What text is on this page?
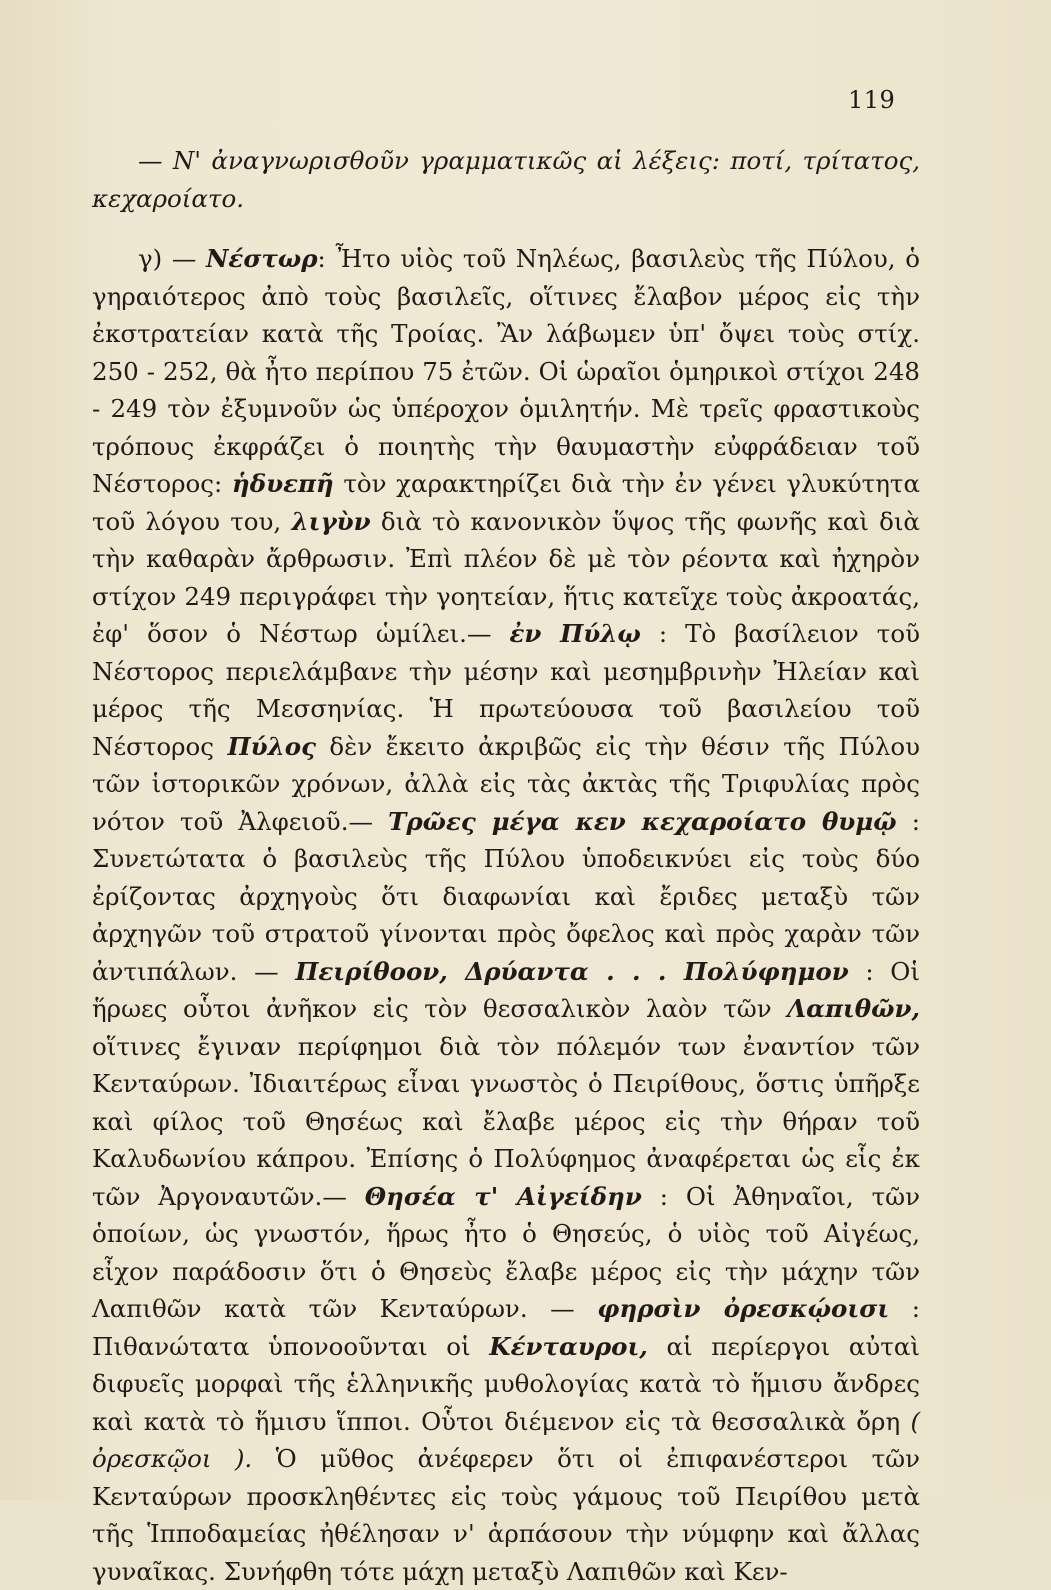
119

— Ν' ἀναγνωρισθοῦν γραμματικῶς αἱ λέξεις: ποτί, τρίτατος, κεχαροίατο.

γ) — Νέστωρ: Ἦτο υἱὸς τοῦ Νηλέως, βασιλεὺς τῆς Πύλου, ὁ γηραιότερος ἀπὸ τοὺς βασιλεῖς, οἵτινες ἔλαβον μέρος εἰς τὴν ἐκστρατείαν κατὰ τῆς Τροίας. Ἂν λάβωμεν ὑπ' ὄψει τοὺς στίχ. 250 - 252, θὰ ἦτο περίπου 75 ἐτῶν. Οἱ ὡραῖοι ὁμηρικοὶ στίχοι 248 - 249 τὸν ἐξυμνοῦν ὡς ὑπέροχον ὁμιλητήν. Μὲ τρεῖς φραστικοὺς τρόπους ἐκφράζει ὁ ποιητὴς τὴν θαυμαστὴν εὐφράδειαν τοῦ Νέστορος: ἡδυεπῆ τὸν χαρακτηρίζει διὰ τὴν ἐν γένει γλυκύτητα τοῦ λόγου του, λιγὺν διὰ τὸ κανονικὸν ὕψος τῆς φωνῆς καὶ διὰ τὴν καθαρὰν ἄρθρωσιν. Ἐπὶ πλέον δὲ μὲ τὸν ρέοντα καὶ ἠχηρὸν στίχον 249 περιγράφει τὴν γοητείαν, ἥτις κατεῖχε τοὺς ἀκροατάς, ἐφ' ὅσον ὁ Νέστωρ ὡμίλει.— ἐν Πύλῳ : Τὸ βασίλειον τοῦ Νέστορος περιελάμβανε τὴν μέσην καὶ μεσημβρινὴν Ἠλείαν καὶ μέρος τῆς Μεσσηνίας. Ἡ πρωτεύουσα τοῦ βασιλείου τοῦ Νέστορος Πύλος δὲν ἔκειτο ἀκριβῶς εἰς τὴν θέσιν τῆς Πύλου τῶν ἱστορικῶν χρόνων, ἀλλὰ εἰς τὰς ἀκτὰς τῆς Τριφυλίας πρὸς νότον τοῦ Ἀλφειοῦ.— Τρῶες μέγα κεν κεχαροίατο θυμῷ : Συνετώτατα ὁ βασιλεὺς τῆς Πύλου ὑποδεικνύει εἰς τοὺς δύο ἐρίζοντας ἀρχηγοὺς ὅτι διαφωνίαι καὶ ἔριδες μεταξὺ τῶν ἀρχηγῶν τοῦ στρατοῦ γίνονται πρὸς ὄφελος καὶ πρὸς χαρὰν τῶν ἀντιπάλων. — Πειρίθοον, Δρύαντα . . . Πολύφημον : Οἱ ἥρωες οὗτοι ἀνῆκον εἰς τὸν θεσσαλικὸν λαὸν τῶν Λαπιθῶν, οἵτινες ἔγιναν περίφημοι διὰ τὸν πόλεμόν των ἐναντίον τῶν Κενταύρων. Ἰδιαιτέρως εἶναι γνωστὸς ὁ Πειρίθους, ὅστις ὑπῆρξε καὶ φίλος τοῦ Θησέως καὶ ἔλαβε μέρος εἰς τὴν θήραν τοῦ Καλυδωνίου κάπρου. Ἐπίσης ὁ Πολύφημος ἀναφέρεται ὡς εἷς ἐκ τῶν Ἀργοναυτῶν.— Θησέα τ' Αἰγείδην : Οἱ Ἀθηναῖοι, τῶν ὁποίων, ὡς γνωστόν, ἥρως ἦτο ὁ Θησεύς, ὁ υἱὸς τοῦ Αἰγέως, εἶχον παράδοσιν ὅτι ὁ Θησεὺς ἔλαβε μέρος εἰς τὴν μάχην τῶν Λαπιθῶν κατὰ τῶν Κενταύρων. — φηρσὶν ὀρεσκῴοισι : Πιθανώτατα ὑπονοοῦνται οἱ Κένταυροι, αἱ περίεργοι αὐταὶ διφυεῖς μορφαὶ τῆς ἑλληνικῆς μυθολογίας κατὰ τὸ ἥμισυ ἄνδρες καὶ κατὰ τὸ ἥμισυ ἵπποι. Οὗτοι διέμενον εἰς τὰ θεσσαλικὰ ὄρη ( ὀρεσκῷοι ). Ὁ μῦθος ἀνέφερεν ὅτι οἱ ἐπιφανέστεροι τῶν Κενταύρων προσκληθέντες εἰς τοὺς γάμους τοῦ Πειρίθου μετὰ τῆς Ἱπποδαμείας ἠθέλησαν ν' ἁρπάσουν τὴν νύμφην καὶ ἄλλας γυναῖκας. Συνήφθη τότε μάχη μεταξὺ Λαπιθῶν καὶ Κεν-
